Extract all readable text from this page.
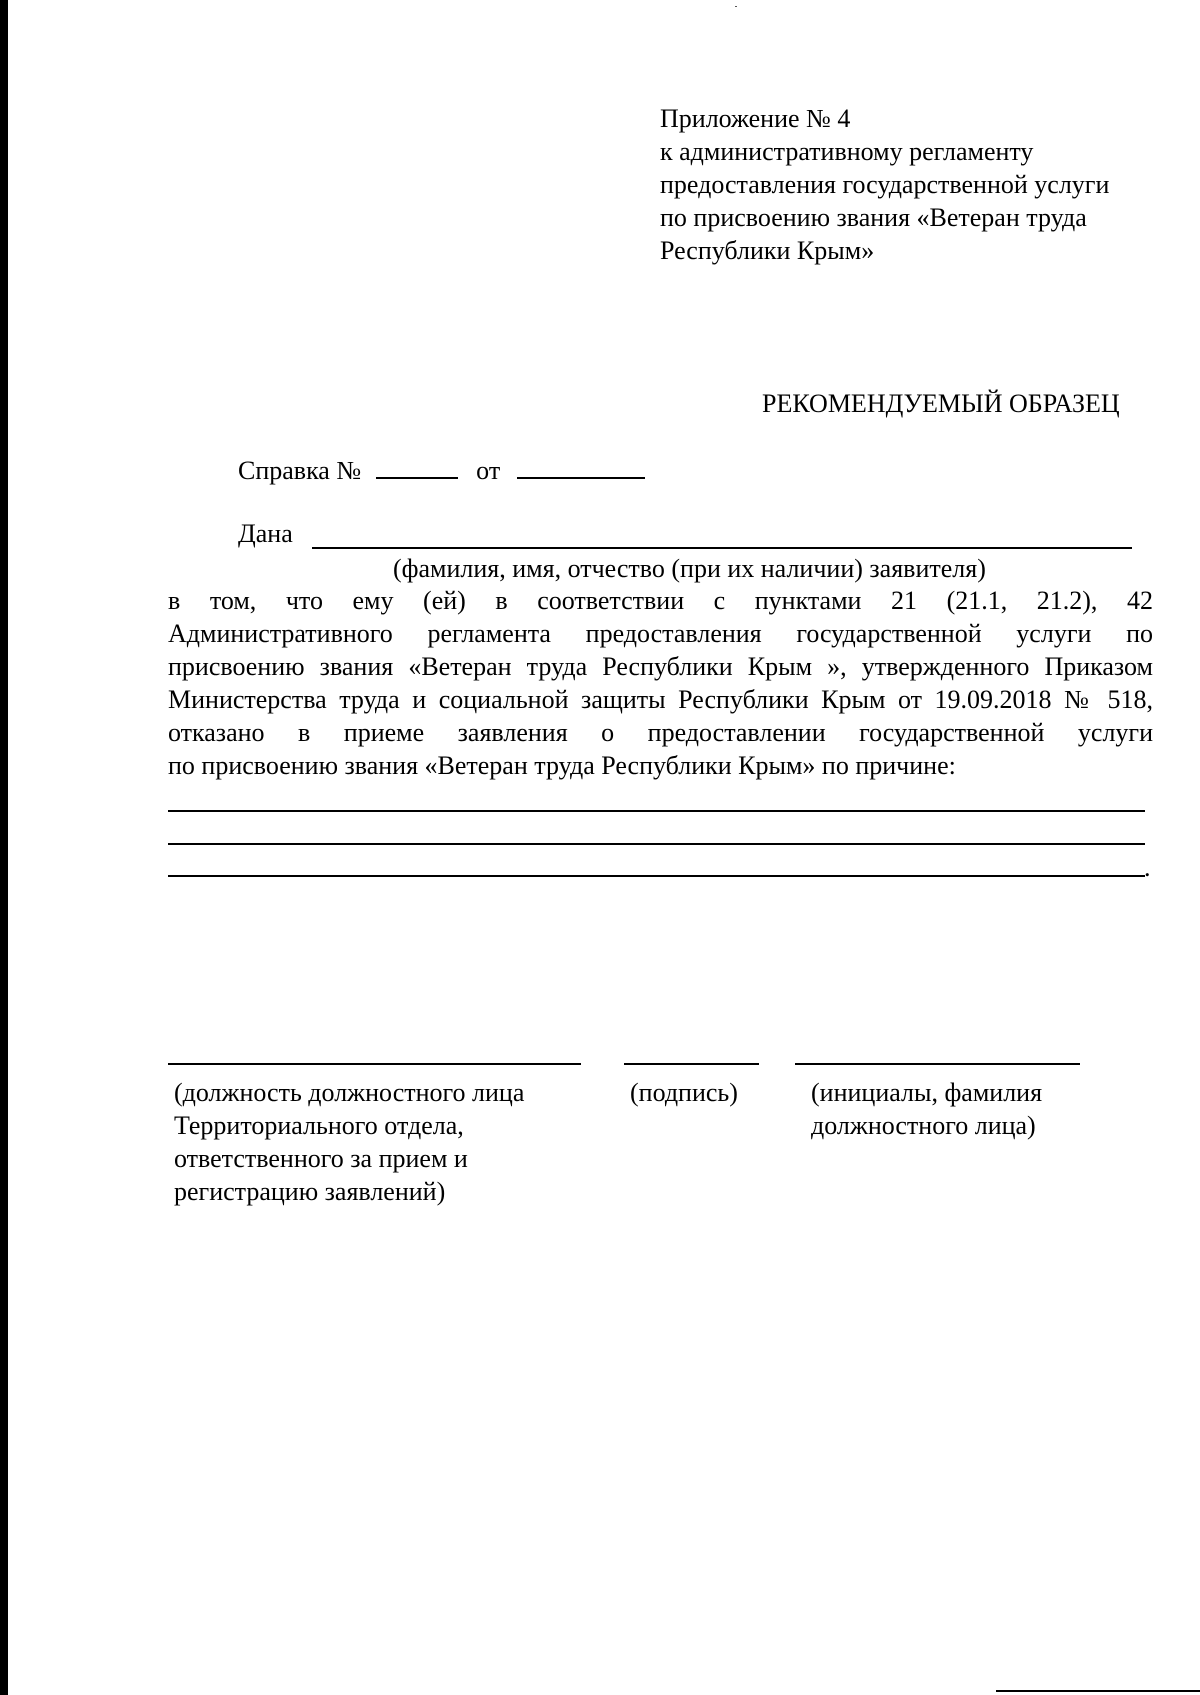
Приложение № 4
к административному регламенту
предоставления государственной услуги
по присвоению звания «Ветеран труда
Республики Крым»
РЕКОМЕНДУЕМЫЙ ОБРАЗЕЦ
Справка №	от
Дана
(фамилия, имя, отчество (при их наличии) заявителя)

в том, что ему (ей) в соответствии с пунктами 21 (21.1, 21.2), 42

Административного регламента предоставления государственной услуги по

присвоению звания «Ветеран труда Республики Крым », утвержденного Приказом

Министерства труда и социальной защиты Республики Крым от 19.09.2018 № 518,

отказано в приеме заявления о предоставлении государственной услуги

по присвоению звания «Ветеран труда Республики Крым» по причине:

.
(должность должностного лица
Территориального отдела,
ответственного за прием и
регистрацию заявлений)
(подпись)	(инициалы, фамилия
должностного лица)
